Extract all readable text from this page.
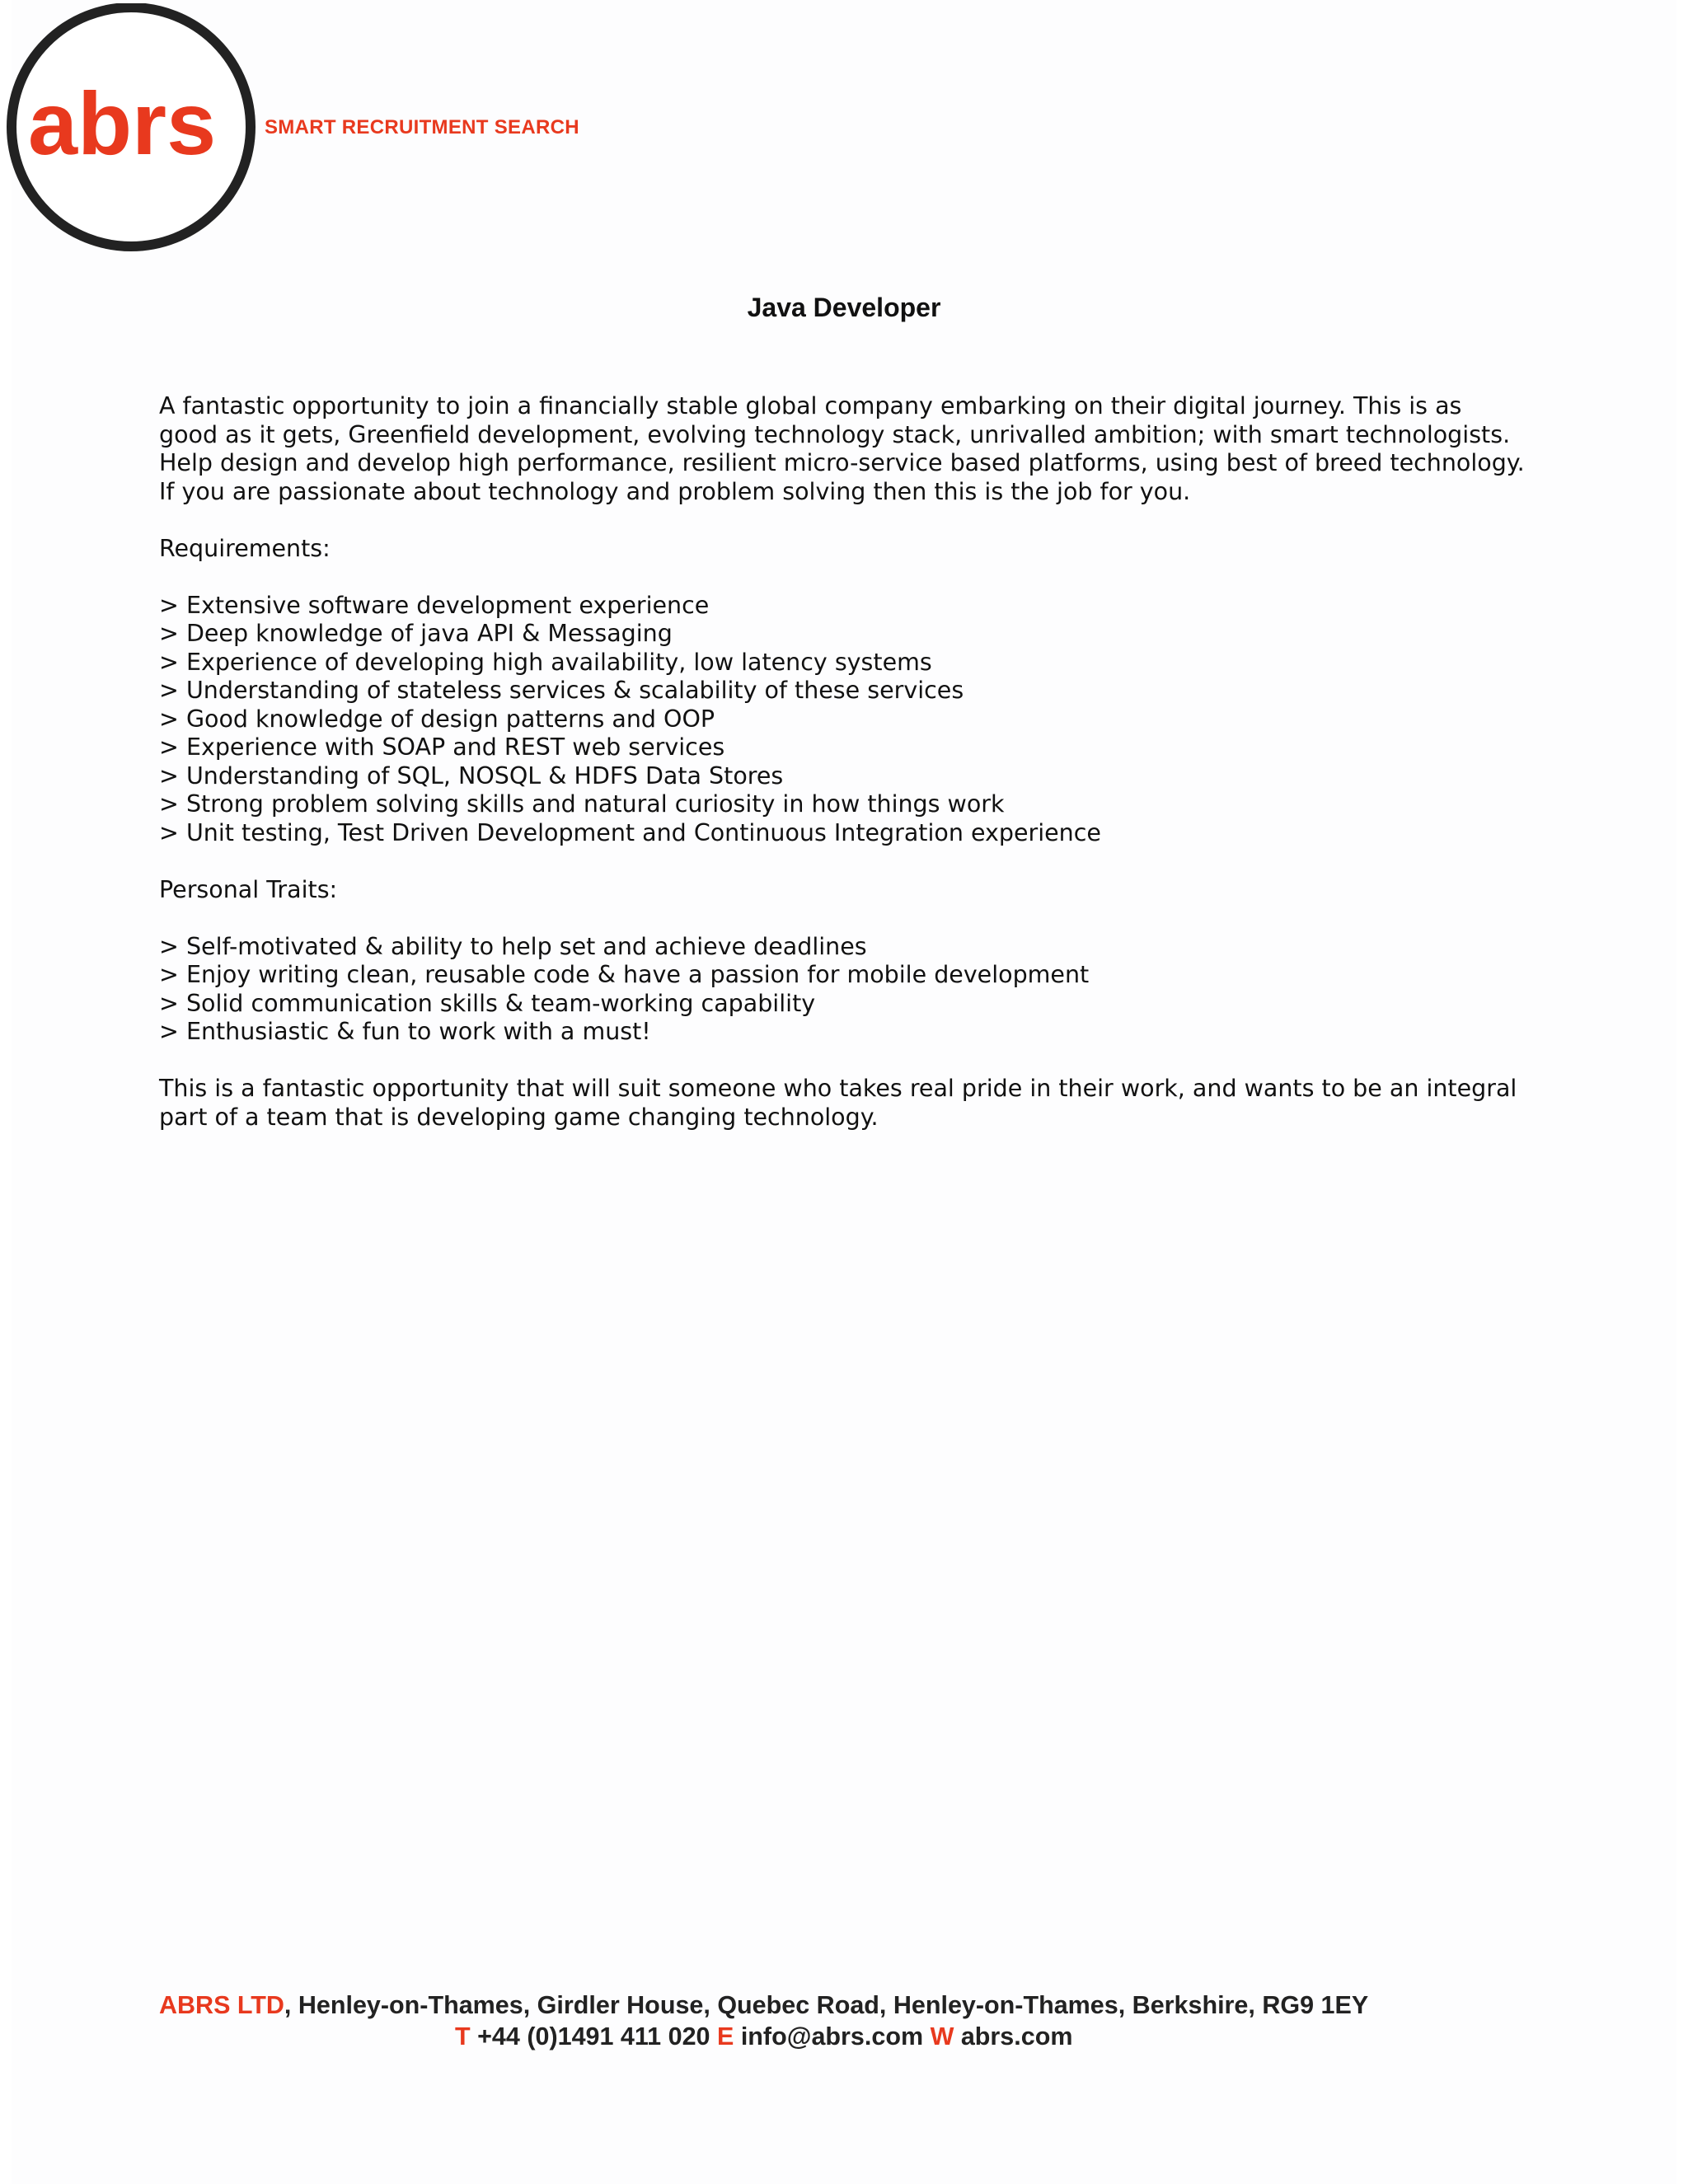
abrs SMART RECRUITMENT SEARCH
Java Developer

A fantastic opportunity to join a financially stable global company embarking on their digital journey. This is as

good as it gets, Greenfield development, evolving technology stack, unrivalled ambition; with smart technologists.

Help design and develop high performance, resilient micro-service based platforms, using best of breed technology.

If you are passionate about technology and problem solving then this is the job for you.

Requirements:

> Extensive software development experience
> Deep knowledge of java API & Messaging
> Experience of developing high availability, low latency systems
> Understanding of stateless services & scalability of these services
> Good knowledge of design patterns and OOP
> Experience with SOAP and REST web services
> Understanding of SQL, NOSQL & HDFS Data Stores
> Strong problem solving skills and natural curiosity in how things work
> Unit testing, Test Driven Development and Continuous Integration experience

Personal Traits:

> Self-motivated & ability to help set and achieve deadlines
> Enjoy writing clean, reusable code & have a passion for mobile development
> Solid communication skills & team-working capability
> Enthusiastic & fun to work with a must!

This is a fantastic opportunity that will suit someone who takes real pride in their work, and wants to be an integral

part of a team that is developing game changing technology.

ABRS LTD, Henley-on-Thames, Girdler House, Quebec Road, Henley-on-Thames, Berkshire, RG9 1EY
T +44 (0)1491 411 020 E info@abrs.com W abrs.com
